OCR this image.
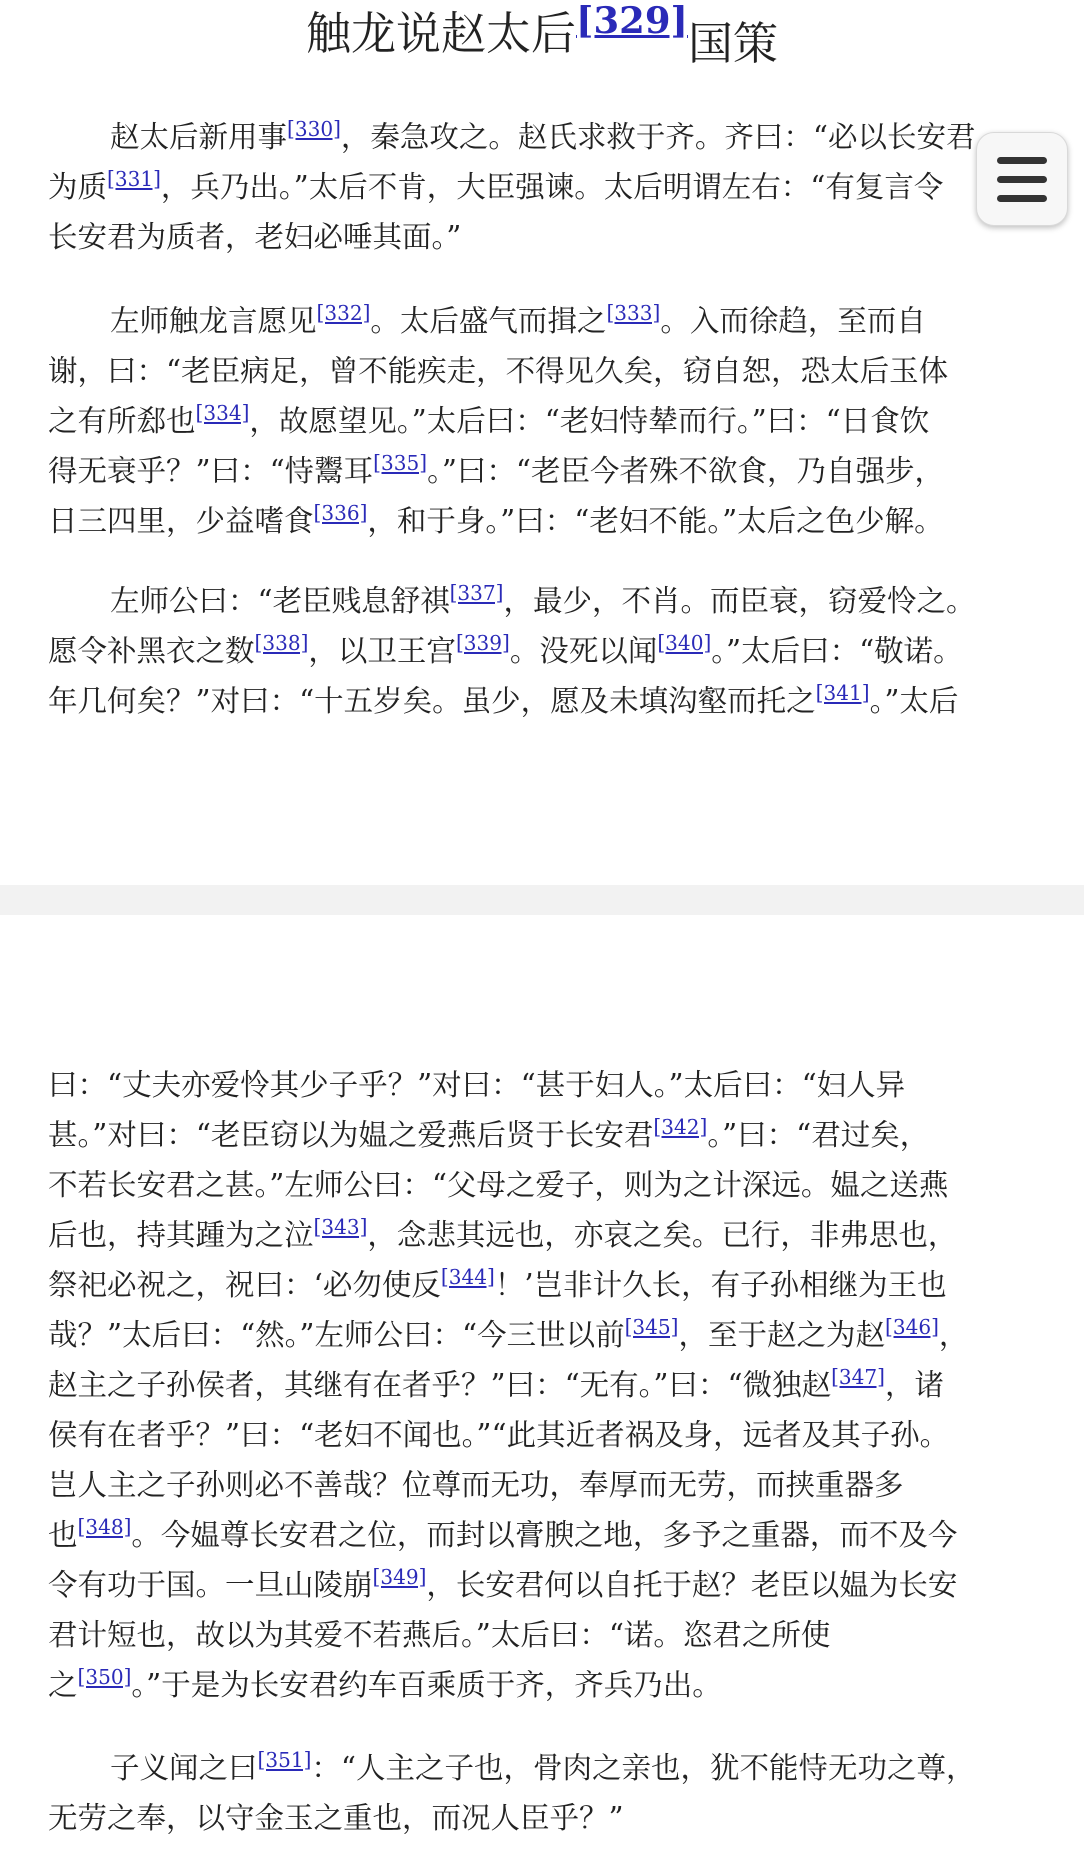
触龙说赵太后[329]国策
赵太后新用事[330]，秦急攻之。赵氏求救于齐。齐曰：“必以长安君
为质[331]，兵乃出。”太后不肯，大臣强谏。太后明谓左右：“有复言令
长安君为质者，老妇必唾其面。”
左师触龙言愿见[332]。太后盛气而揖之[333]。入而徐趋，至而自
谢，曰：“老臣病足，曾不能疾走，不得见久矣，窃自恕，恐太后玉体
之有所郄也[334]，故愿望见。”太后曰：“老妇恃辇而行。”曰：“日食饮
得无衰乎？”曰：“恃鬻耳[335]。”曰：“老臣今者殊不欲食，乃自强步，
日三四里，少益嗜食[336]，和于身。”曰：“老妇不能。”太后之色少解。
左师公曰：“老臣贱息舒祺[337]，最少，不肖。而臣衰，窃爱怜之。
愿令补黑衣之数[338]，以卫王宫[339]。没死以闻[340]。”太后曰：“敬诺。
年几何矣？”对曰：“十五岁矣。虽少，愿及未填沟壑而托之[341]。”太后
曰：“丈夫亦爱怜其少子乎？”对曰：“甚于妇人。”太后曰：“妇人异
甚。”对曰：“老臣窃以为媪之爱燕后贤于长安君[342]。”曰：“君过矣，
不若长安君之甚。”左师公曰：“父母之爱子，则为之计深远。媪之送燕
后也，持其踵为之泣[343]，念悲其远也，亦哀之矣。已行，非弗思也，
祭祀必祝之，祝曰：‘必勿使反[344]！’岂非计久长，有子孙相继为王也
哉？”太后曰：“然。”左师公曰：“今三世以前[345]，至于赵之为赵[346]，
赵主之子孙侯者，其继有在者乎？”曰：“无有。”曰：“微独赵[347]，诸
侯有在者乎？”曰：“老妇不闻也。”“此其近者祸及身，远者及其子孙。
岂人主之子孙则必不善哉？位尊而无功，奉厚而无劳，而挟重器多
也[348]。今媪尊长安君之位，而封以膏腴之地，多予之重器，而不及今
令有功于国。一旦山陵崩[349]，长安君何以自托于赵？老臣以媪为长安
君计短也，故以为其爱不若燕后。”太后曰：“诺。恣君之所使
之[350]。”于是为长安君约车百乘质于齐，齐兵乃出。
子义闻之曰[351]：“人主之子也，骨肉之亲也，犹不能恃无功之尊，
无劳之奉，以守金玉之重也，而况人臣乎？”
